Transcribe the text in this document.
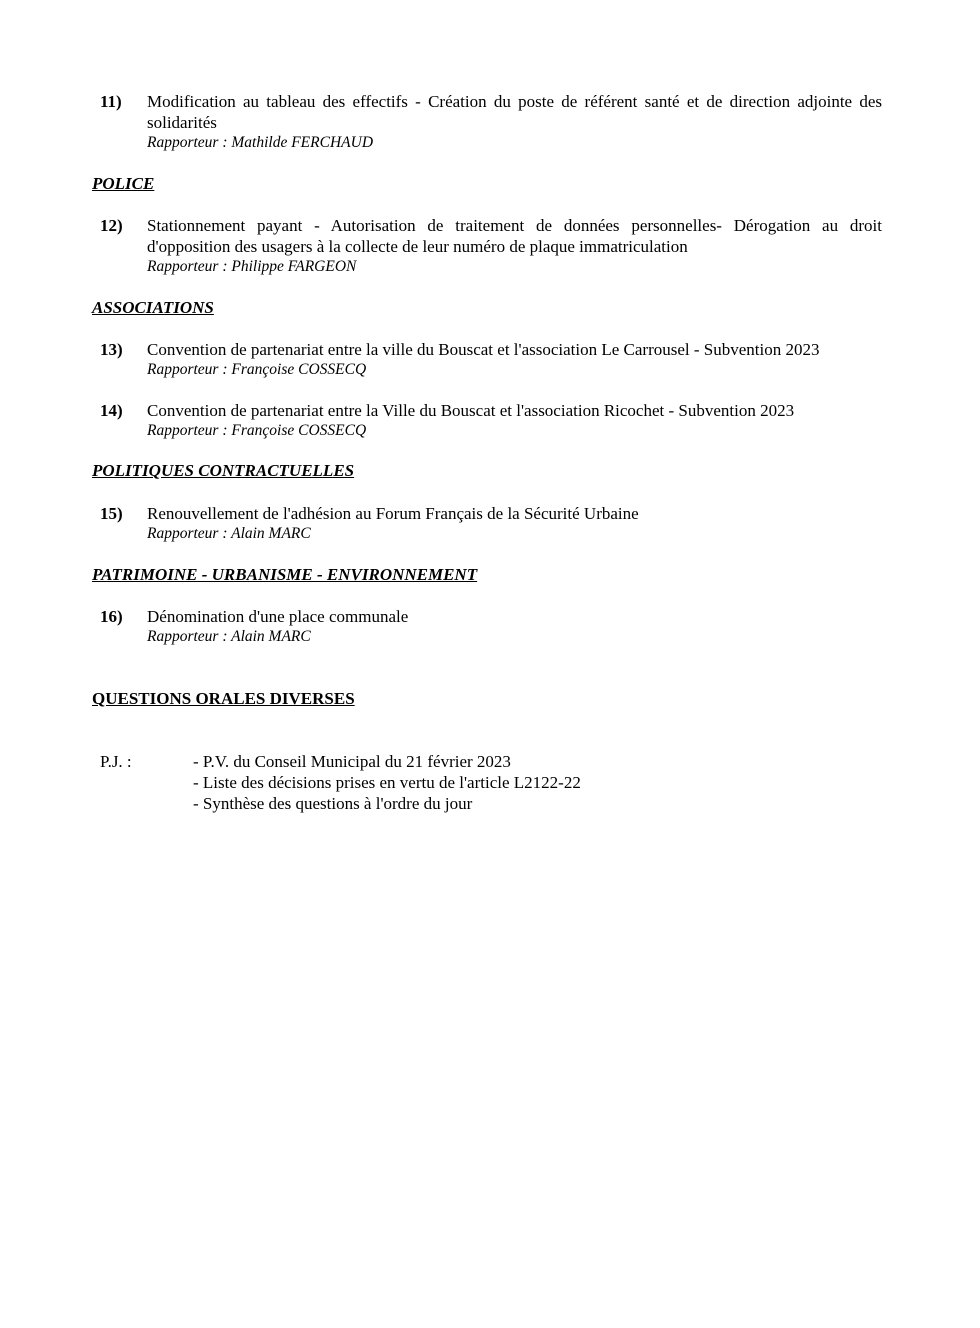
11)	Modification au tableau des effectifs - Création du poste de référent santé et de direction adjointe des solidarités
Rapporteur : Mathilde FERCHAUD
POLICE
12)	Stationnement payant - Autorisation de traitement de données personnelles- Dérogation au droit d'opposition des usagers à la collecte de leur numéro de plaque immatriculation
Rapporteur : Philippe FARGEON
ASSOCIATIONS
13)	Convention de partenariat entre la ville du Bouscat et l'association Le Carrousel - Subvention 2023
Rapporteur : Françoise COSSECQ
14)	Convention de partenariat entre la Ville du Bouscat et l'association Ricochet - Subvention 2023
Rapporteur : Françoise COSSECQ
POLITIQUES CONTRACTUELLES
15)	Renouvellement de l'adhésion au Forum Français de la Sécurité Urbaine
Rapporteur : Alain MARC
PATRIMOINE - URBANISME - ENVIRONNEMENT
16)	Dénomination d'une place communale
Rapporteur : Alain MARC
QUESTIONS ORALES DIVERSES
P.J. :	- P.V. du Conseil Municipal du 21 février 2023
- Liste des décisions prises en vertu de l'article L2122-22
- Synthèse des questions à l'ordre du jour
